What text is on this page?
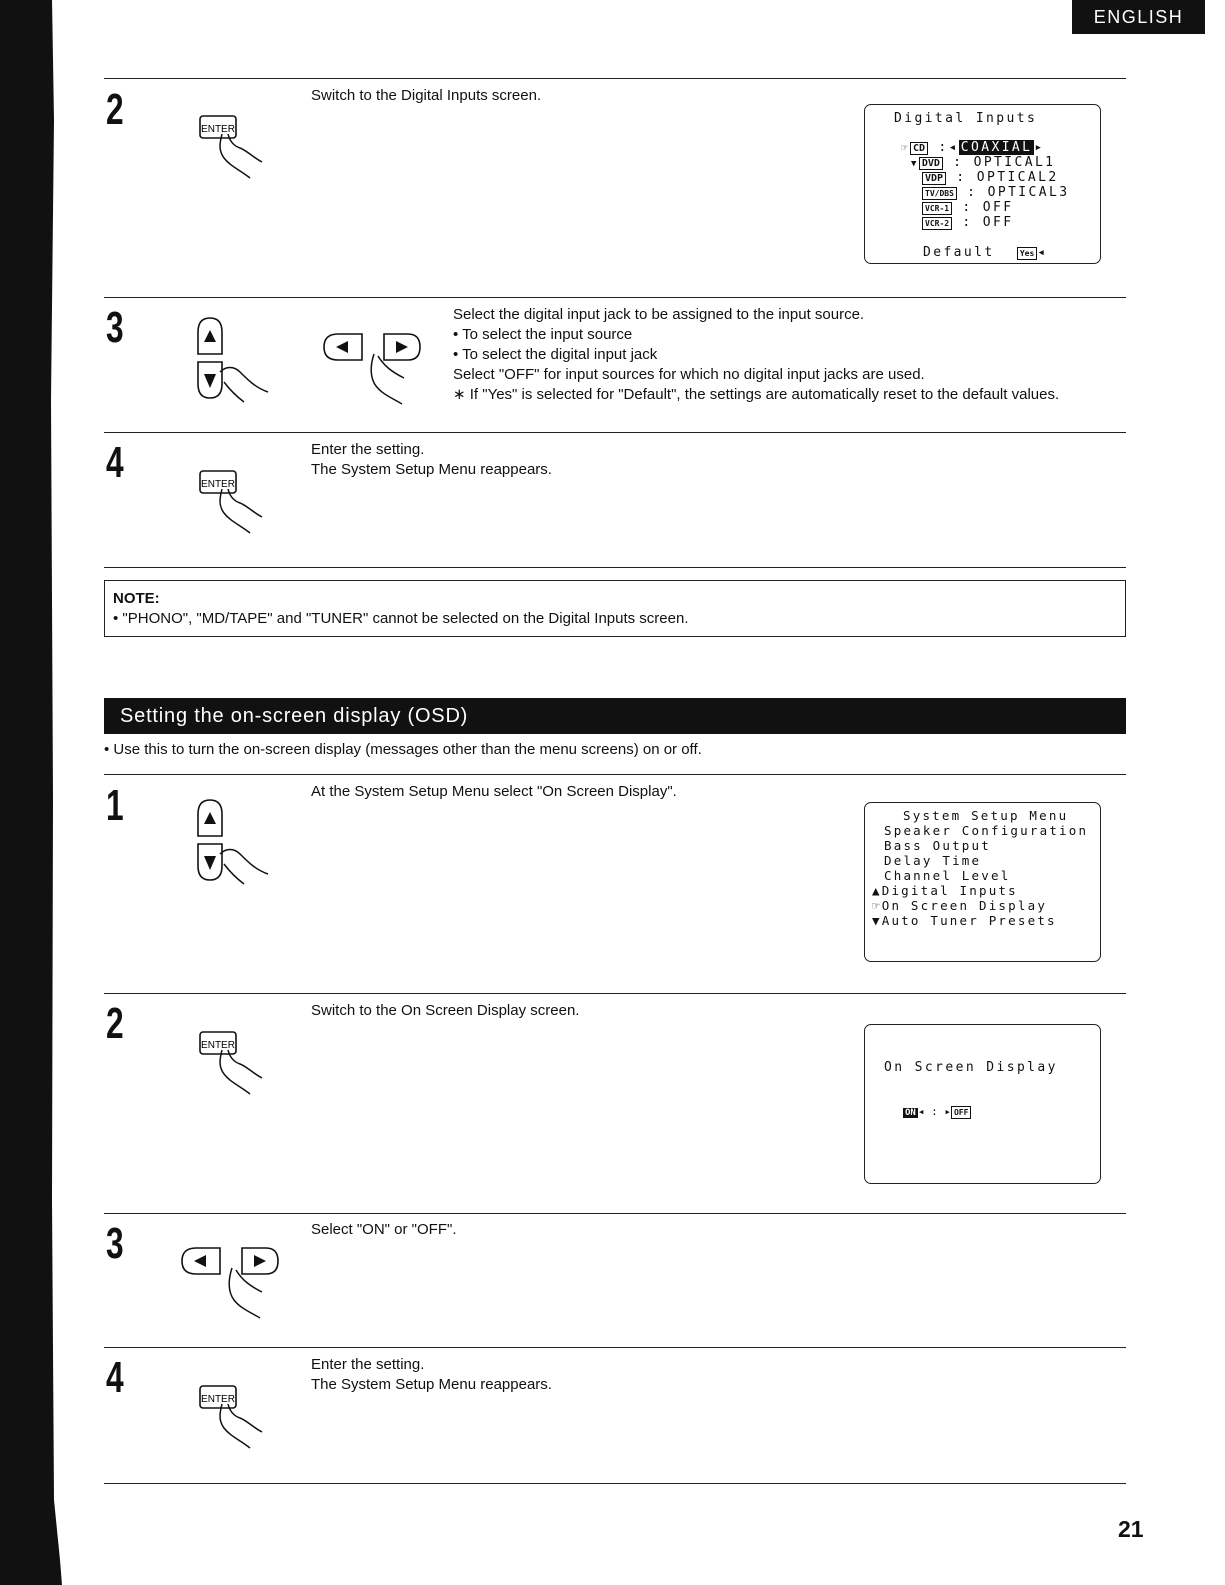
ENGLISH
2	ENTER
Switch to the Digital Inputs screen.
Digital Inputs
☞ CD :◂ COAXIAL ▸
▼ DVD : OPTICAL1
VDP : OPTICAL2
TV/DBS : OPTICAL3
VCR-1 : OFF
VCR-2 : OFF
Default	Yes ◂
3	Select the digital input jack to be assigned to the input source.
• To select the input source
• To select the digital input jack
Select "OFF" for input sources for which no digital input jacks are used.
∗ If "Yes" is selected for "Default", the settings are automatically reset to the default values.
4	ENTER
Enter the setting.
The System Setup Menu reappears.
NOTE:
• "PHONO", "MD/TAPE" and "TUNER" cannot be selected on the Digital Inputs screen.
Setting the on-screen display (OSD)
• Use this to turn the on-screen display (messages other than the menu screens) on or off.
1	At the System Setup Menu select "On Screen Display".
System Setup Menu
Speaker Configuration
Bass Output
Delay Time
Channel Level
▲Digital Inputs
☞On Screen Display
▼Auto Tuner Presets
2	ENTER
Switch to the On Screen Display screen.
On Screen Display
ON ◂ : ▸ OFF
3	Select "ON" or "OFF".
4	ENTER
Enter the setting.
The System Setup Menu reappears.
21
